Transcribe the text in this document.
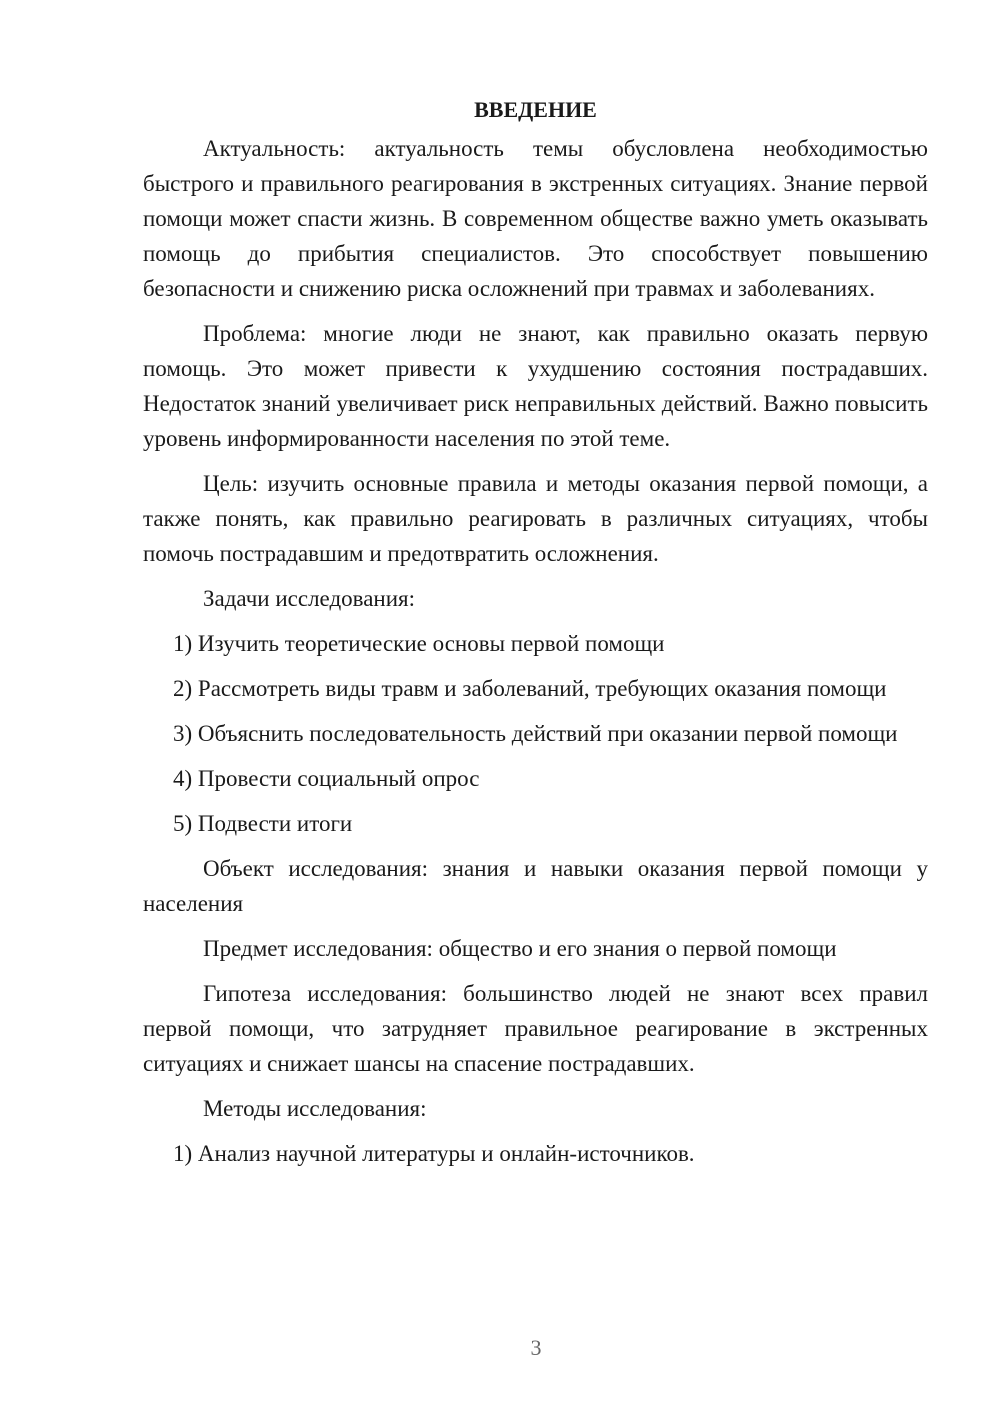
ВВЕДЕНИЕ
Актуальность: актуальность темы обусловлена необходимостью быстрого и правильного реагирования в экстренных ситуациях. Знание первой помощи может спасти жизнь. В современном обществе важно уметь оказывать помощь до прибытия специалистов. Это способствует повышению безопасности и снижению риска осложнений при травмах и заболеваниях.
Проблема: многие люди не знают, как правильно оказать первую помощь. Это может привести к ухудшению состояния пострадавших. Недостаток знаний увеличивает риск неправильных действий. Важно повысить уровень информированности населения по этой теме.
Цель: изучить основные правила и методы оказания первой помощи, а также понять, как правильно реагировать в различных ситуациях, чтобы помочь пострадавшим и предотвратить осложнения.
Задачи исследования:
1) Изучить теоретические основы первой помощи
2) Рассмотреть виды травм и заболеваний, требующих оказания помощи
3) Объяснить последовательность действий при оказании первой помощи
4) Провести социальный опрос
5) Подвести итоги
Объект исследования: знания и навыки оказания первой помощи у населения
Предмет исследования: общество и его знания о первой помощи
Гипотеза исследования: большинство людей не знают всех правил первой помощи, что затрудняет правильное реагирование в экстренных ситуациях и снижает шансы на спасение пострадавших.
Методы исследования:
1) Анализ научной литературы и онлайн-источников.
3
